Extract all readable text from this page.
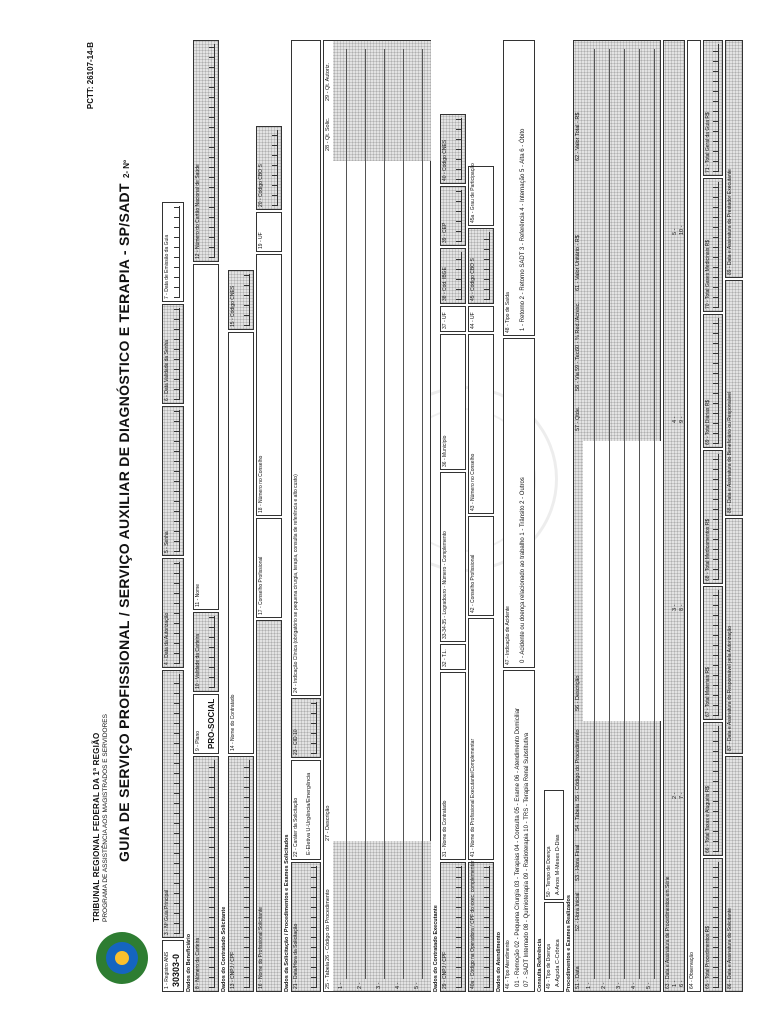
TRIBUNAL REGIONAL FEDERAL DA 1ª REGIÃO PROGRAMA DE ASSISTÊNCIA AOS MAGISTRADOS E SERVIDORES GUIA DE SERVIÇO PROFISSIONAL / SERVIÇO AUXILIAR DE DIAGNÓSTICO E TERAPIA - SP/SADT
PCTT: 26107-14-B
2- Nº
1 - Registro ANS 30303-0
3 - Nº Guia Principal
4 - Data da Autorização
5 - Senha
6 - Data Validade da Senha
7 - Data de Emissão da Guia
Dados do Beneficiário 8 - Número da Carteira
9 - Plano PRO-SOCIAL
10 - Validade da Carteira
11 - Nome
12 - Número do Cartão Nacional de Saúde
Dados do Contratado Solicitante 13 - CNPJ / CPF
14 - Nome do Contratado
15 - Código CNES
16 - Nome do Profissional Solicitante
17 - Conselho Profissional
18 - Número no Conselho
19 - UF
20 - Código CBO S
Dados da Solicitação / Procedimentos e Exames Solicitados 21 - Data/Hora da Solicitação
22 - Caráter da Solicitação E-Eletiva U-Urgência/Emergência
23 - CID 10
24 - Indicação Clínica (obrigatório se pequena cirurgia, terapia, consulta de referência e alto custo)
25 - Tabela
26 - Código do Procedimento
27 - Descrição
28 - Qt. Solic.
29 - Qt. Autoriz.
1 - 2 - 3 - 4 - 5 - Dados do Contratado Executante 29 - CNPJ / CPF
31 - Nome do Contratado
32 - T.L.
33-34-35 - Logradouro - Número - Complemento
36 - Município
37 - UF
38 - Cód. IBGE
39 - CEP
40 - Código CNES
40a - Código na Operadora / CPF do exec. complementar
41 - Nome do Profissional Executante/Complementar
42 - Conselho Profissional
43 - Número no Conselho
44 - UF
45 - Código CBO S
45a - Grau de Participação
Dados do Atendimento 46 - Tipo Atendimento 01 - Remoção 02 - Pequena Cirurgia 03 - Terapias 04 - Consulta 05 - Exame 06 - Atendimento Domiciliar 07 - SADT Internado 08 - Quimioterapia 09 - Radioterapia 10 - TRS - Terapia Renal Substitutiva
47 - Indicação de Acidente 0 - Acidente ou doença relacionado ao trabalho 1 - Trânsito 2 - Outros
48 - Tipo de Saída 1 - Retorno 2 - Retorno SADT 3 - Referência 4 - Internação 5 - Alta 6 - Óbito
Consulta Referência 49 - Tipo de Doença A-Aguda C-Crônica
50 - Tempo de Doença A-Anos M-Meses D-Dias
Procedimentos e Exames Realizados 51 - Data
52 - Hora Inicial
53 - Hora Final
54 - Tabela
55 - Código do Procedimento
56 - Descrição
57 - Qtde.
58 - Via
59 - Tec.
60 - % Red./Acresc.
61 - Valor Unitário - R$
62 - Valor Total - R$
1 - 2 - 3 - 4 - 5 -	63 - Data e Assinatura de Procedimentos em Série 1 -
2 -
3 -
4 -
5 -
6 -
7 -
8 -
9 -
10 -
64 - Observação 65 - Total Procedimentos R$
66 - Total Taxas e Aluguéis R$
67 - Total Materiais R$
68 - Total Medicamentos R$
69 - Total Diárias R$
70 - Total Gases Medicinais R$
71 - Total Geral da Guia R$
86 - Data e Assinatura do Solicitante
87 - Data e Assinatura do Responsável pela Autorização
88 - Data e Assinatura do Beneficiário ou Responsável
89 - Data e Assinatura do Prestador Executante
